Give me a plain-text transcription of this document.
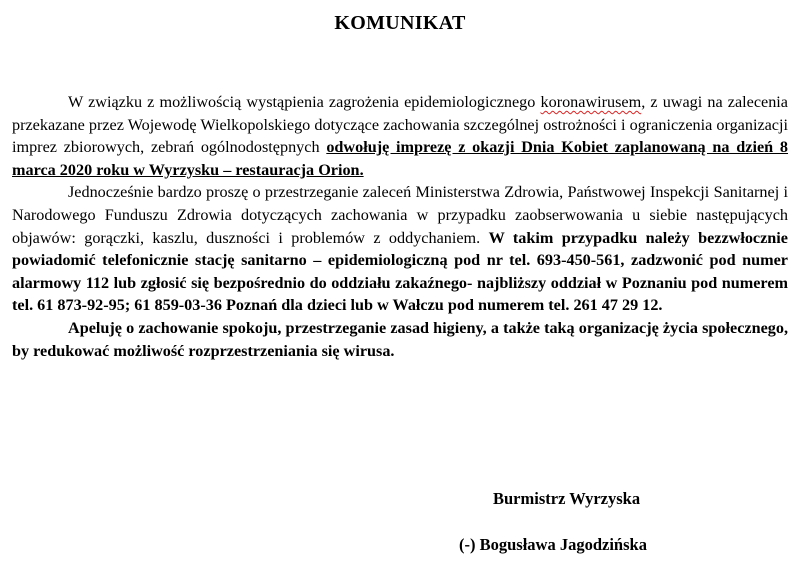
KOMUNIKAT

W związku z możliwością wystąpienia zagrożenia epidemiologicznego koronawirusem, z uwagi na zalecenia przekazane przez Wojewodę Wielkopolskiego dotyczące zachowania szczególnej ostrożności i ograniczenia organizacji imprez zbiorowych, zebrań ogólnodostępnych odwołuję imprezę z okazji Dnia Kobiet zaplanowaną na dzień 8 marca 2020 roku w Wyrzysku – restauracja Orion.

Jednocześnie bardzo proszę o przestrzeganie zaleceń Ministerstwa Zdrowia, Państwowej Inspekcji Sanitarnej i Narodowego Funduszu Zdrowia dotyczących zachowania w przypadku zaobserwowania u siebie następujących objawów: gorączki, kaszlu, duszności i problemów z oddychaniem. W takim przypadku należy bezzwłocznie powiadomić telefonicznie stację sanitarno – epidemiologiczną pod nr tel. 693-450-561, zadzwonić pod numer alarmowy 112 lub zgłosić się bezpośrednio do oddziału zakaźnego- najbliższy oddział w Poznaniu pod numerem tel. 61 873-92-95; 61 859-03-36 Poznań dla dzieci lub w Wałczu pod numerem tel. 261 47 29 12.

Apeluję o zachowanie spokoju, przestrzeganie zasad higieny, a także taką organizację życia społecznego, by redukować możliwość rozprzestrzeniania się wirusa.

Burmistrz Wyrzyska
(-) Bogusława Jagodzińska
